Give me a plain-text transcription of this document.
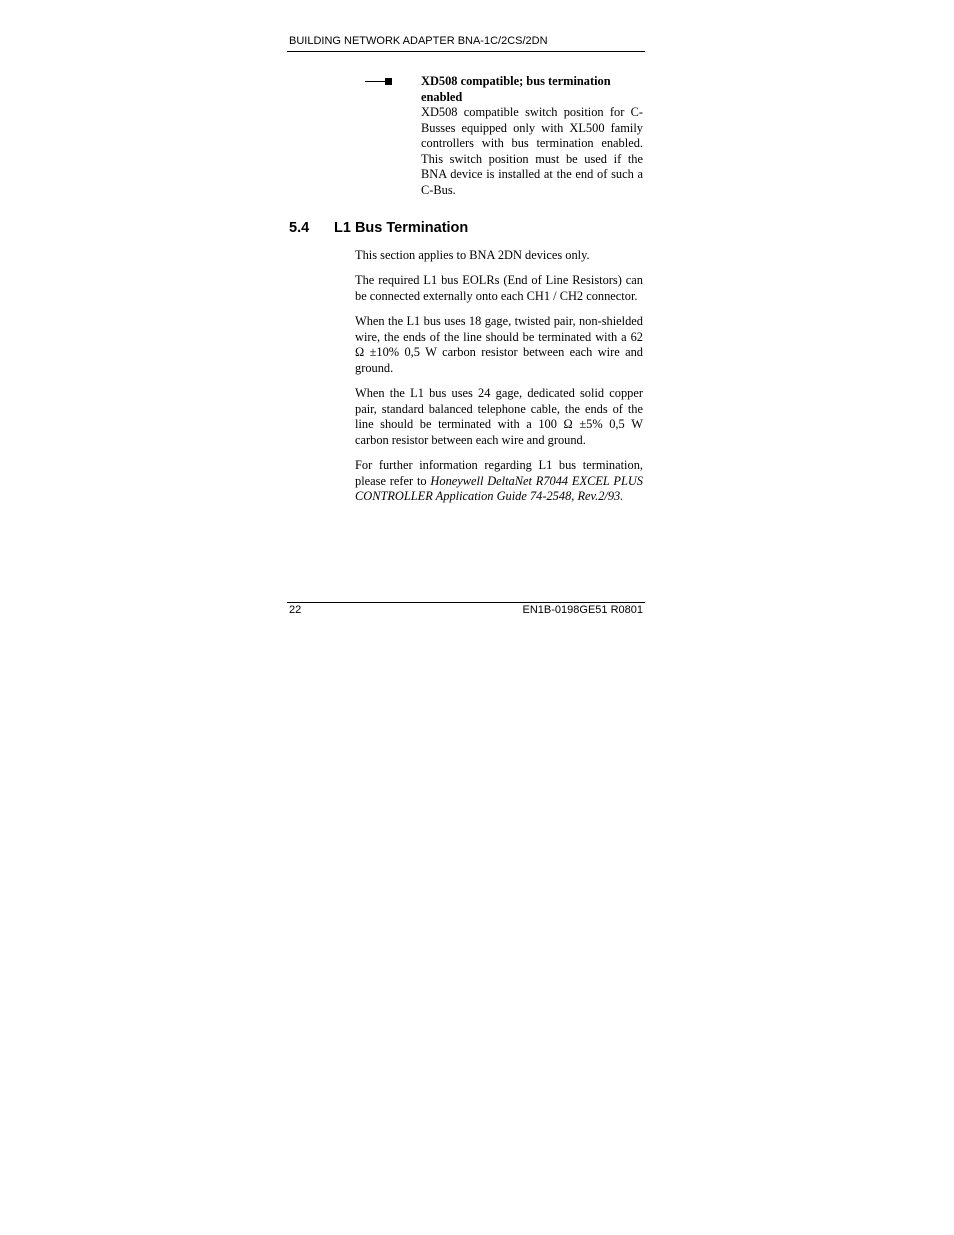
BUILDING NETWORK ADAPTER BNA-1C/2CS/2DN

XD508 compatible; bus termination enabled

XD508 compatible switch position for C-Busses equipped only with XL500 family controllers with bus termination enabled. This switch position must be used if the BNA device is installed at the end of such a C-Bus.

5.4 L1 Bus Termination

This section applies to BNA 2DN devices only.

The required L1 bus EOLRs (End of Line Resistors) can be connected externally onto each CH1 / CH2 connector.

When the L1 bus uses 18 gage, twisted pair, non-shielded wire, the ends of the line should be terminated with a 62 Ω ±10% 0,5 W carbon resistor between each wire and ground.

When the L1 bus uses 24 gage, dedicated solid copper pair, standard balanced telephone cable, the ends of the line should be terminated with a 100 Ω ±5% 0,5 W carbon resistor between each wire and ground.

For further information regarding L1 bus termination, please refer to Honeywell DeltaNet R7044 EXCEL PLUS CONTROLLER Application Guide 74-2548, Rev.2/93.

22	EN1B-0198GE51 R0801
